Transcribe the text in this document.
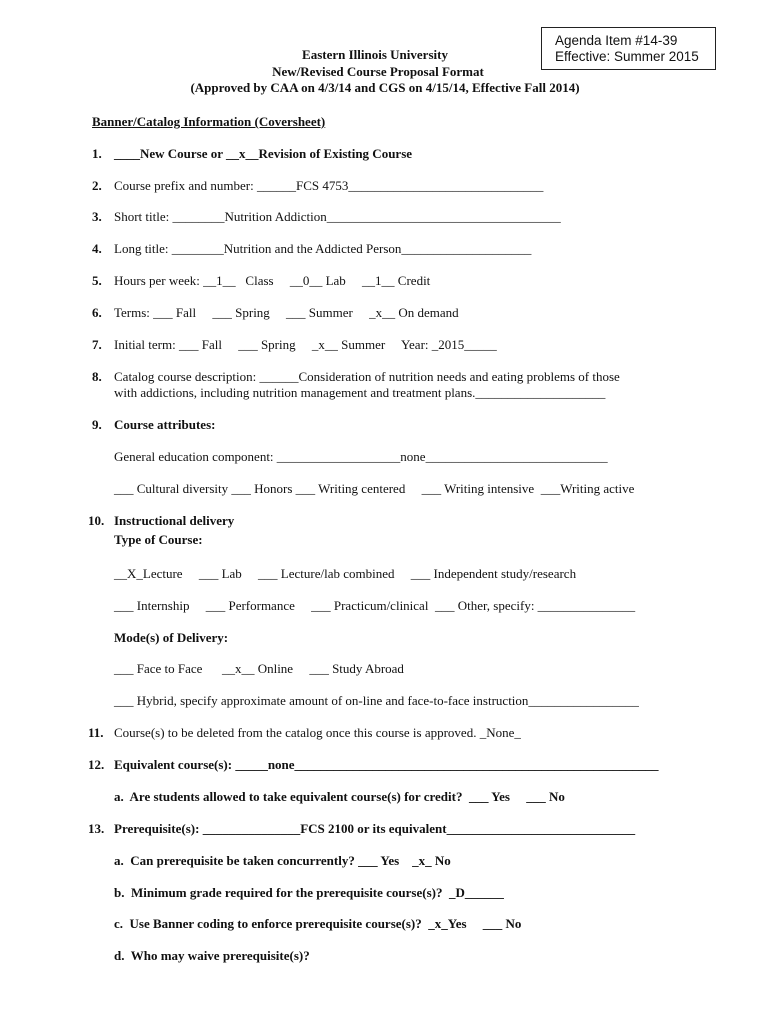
Agenda Item #14-39
Effective: Summer 2015
Eastern Illinois University
New/Revised Course Proposal Format
(Approved by CAA on 4/3/14 and CGS on 4/15/14, Effective Fall 2014)
Banner/Catalog Information (Coversheet)
1. ____New Course or __x__Revision of Existing Course
2. Course prefix and number: ______FCS 4753______________________________
3. Short title: ________Nutrition Addiction____________________________________
4. Long title: ________Nutrition and the Addicted Person____________________
5. Hours per week: __1__   Class     __0__ Lab     __1__ Credit
6. Terms: ___ Fall     ___ Spring     ___ Summer     _x__ On demand
7. Initial term: ___ Fall     ___ Spring     _x__ Summer     Year: _2015_____
8. Catalog course description: ______Consideration of nutrition needs and eating problems of those
with addictions, including nutrition management and treatment plans.____________________
9. Course attributes:
General education component: ___________________none____________________________
___ Cultural diversity ___ Honors ___ Writing centered     ___ Writing intensive  ___Writing active
10. Instructional delivery
Type of Course:
__X_Lecture     ___ Lab     ___ Lecture/lab combined     ___ Independent study/research
___ Internship     ___ Performance     ___ Practicum/clinical  ___ Other, specify: _______________
Mode(s) of Delivery:
___ Face to Face      __x__ Online     ___ Study Abroad
___ Hybrid, specify approximate amount of on-line and face-to-face instruction_________________
11. Course(s) to be deleted from the catalog once this course is approved. _None_
12. Equivalent course(s): _____none________________________________________________________
a.  Are students allowed to take equivalent course(s) for credit?  ___ Yes     ___ No
13. Prerequisite(s): _______________FCS 2100 or its equivalent_____________________________
a.  Can prerequisite be taken concurrently? ___ Yes    _x_ No
b.  Minimum grade required for the prerequisite course(s)?  _D______
c.  Use Banner coding to enforce prerequisite course(s)?  _x_Yes     ___ No
d.  Who may waive prerequisite(s)?
